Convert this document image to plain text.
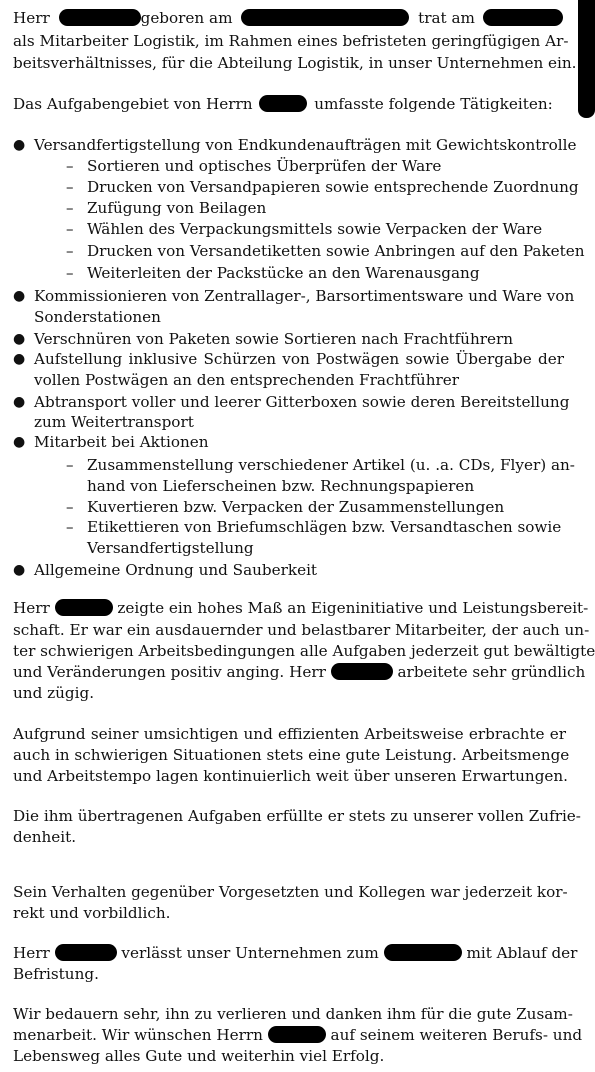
Herr	geboren am	trat am
als Mitarbeiter Logistik, im Rahmen eines befristeten geringfügigen Ar-
beitsverhältnisses, für die Abteilung Logistik, in unser Unternehmen ein.
Das Aufgabengebiet von Herrn	umfasste folgende Tätigkeiten:
● Versandfertigstellung von Endkundenaufträgen mit Gewichtskontrolle
– Sortieren und optisches Überprüfen der Ware
– Drucken von Versandpapieren sowie entsprechende Zuordnung
– Zufügung von Beilagen
– Wählen des Verpackungsmittels sowie Verpacken der Ware
– Drucken von Versandetiketten sowie Anbringen auf den Paketen
– Weiterleiten der Packstücke an den Warenausgang
● Kommissionieren von Zentrallager-, Barsortimentsware und Ware von
Sonderstationen
● Verschnüren von Paketen sowie Sortieren nach Frachtführern
● Aufstellung inklusive Schürzen von Postwägen sowie Übergabe der
vollen Postwägen an den entsprechenden Frachtführer
● Abtransport voller und leerer Gitterboxen sowie deren Bereitstellung
zum Weitertransport
● Mitarbeit bei Aktionen
– Zusammenstellung verschiedener Artikel (u. .a. CDs, Flyer) an-
hand von Lieferscheinen bzw. Rechnungspapieren
– Kuvertieren bzw. Verpacken der Zusammenstellungen
– Etikettieren von Briefumschlägen bzw. Versandtaschen sowie
Versandfertigstellung
● Allgemeine Ordnung und Sauberkeit
Herr	zeigte ein hohes Maß an Eigeninitiative und Leistungsbereit-
schaft. Er war ein ausdauernder und belastbarer Mitarbeiter, der auch un-
ter schwierigen Arbeitsbedingungen alle Aufgaben jederzeit gut bewältigte
und Veränderungen positiv anging. Herr	arbeitete sehr gründlich
und zügig.
Aufgrund seiner umsichtigen und effizienten Arbeitsweise erbrachte er
auch in schwierigen Situationen stets eine gute Leistung. Arbeitsmenge
und Arbeitstempo lagen kontinuierlich weit über unseren Erwartungen.
Die ihm übertragenen Aufgaben erfüllte er stets zu unserer vollen Zufrie-
denheit.
Sein Verhalten gegenüber Vorgesetzten und Kollegen war jederzeit kor-
rekt und vorbildlich.
Herr	verlässt unser Unternehmen zum	mit Ablauf der
Befristung.
Wir bedauern sehr, ihn zu verlieren und danken ihm für die gute Zusam-
menarbeit. Wir wünschen Herrn	auf seinem weiteren Berufs- und
Lebensweg alles Gute und weiterhin viel Erfolg.
